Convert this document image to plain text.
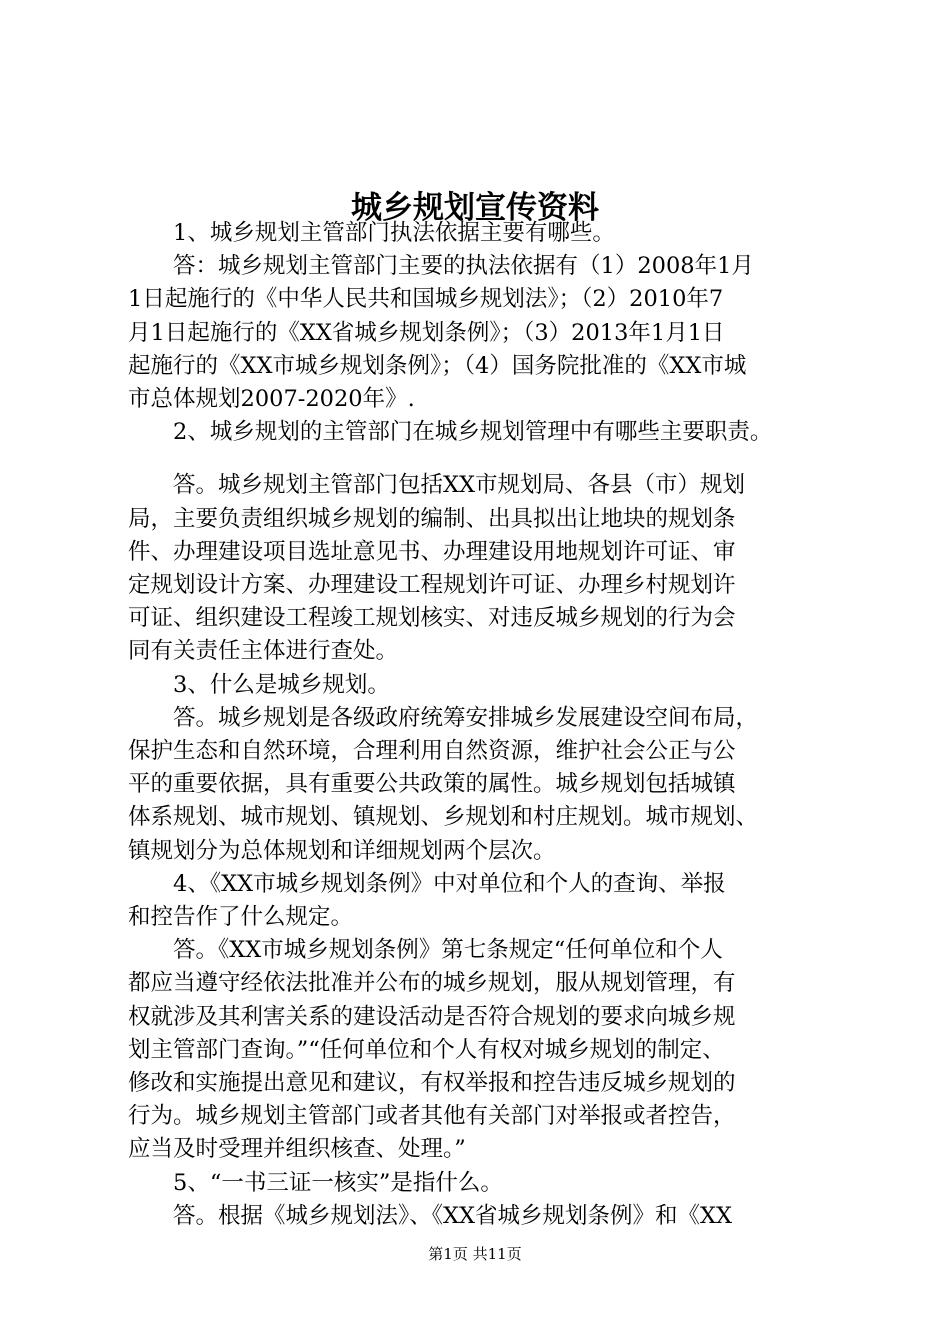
城乡规划宣传资料
　　1、城乡规划主管部门执法依据主要有哪些。
　　答：城乡规划主管部门主要的执法依据有（1）2008年1月
1日起施行的《中华人民共和国城乡规划法》；（2）2010年7
月1日起施行的《XX省城乡规划条例》；（3）2013年1月1日
起施行的《XX市城乡规划条例》；（4）国务院批准的《XX市城
市总体规划2007-2020年》.
　　2、城乡规划的主管部门在城乡规划管理中有哪些主要职责。
　　答。城乡规划主管部门包括XX市规划局、各县（市）规划
局，主要负责组织城乡规划的编制、出具拟出让地块的规划条
件、办理建设项目选址意见书、办理建设用地规划许可证、审
定规划设计方案、办理建设工程规划许可证、办理乡村规划许
可证、组织建设工程竣工规划核实、对违反城乡规划的行为会
同有关责任主体进行查处。
　　3、什么是城乡规划。
　　答。城乡规划是各级政府统筹安排城乡发展建设空间布局，
保护生态和自然环境，合理利用自然资源，维护社会公正与公
平的重要依据，具有重要公共政策的属性。城乡规划包括城镇
体系规划、城市规划、镇规划、乡规划和村庄规划。城市规划、
镇规划分为总体规划和详细规划两个层次。
　　4、《XX市城乡规划条例》中对单位和个人的查询、举报
和控告作了什么规定。
　　答。《XX市城乡规划条例》第七条规定“任何单位和个人
都应当遵守经依法批准并公布的城乡规划，服从规划管理，有
权就涉及其利害关系的建设活动是否符合规划的要求向城乡规
划主管部门查询。”“任何单位和个人有权对城乡规划的制定、
修改和实施提出意见和建议，有权举报和控告违反城乡规划的
行为。城乡规划主管部门或者其他有关部门对举报或者控告，
应当及时受理并组织核查、处理。”
　　5、“一书三证一核实”是指什么。
　　答。根据《城乡规划法》、《XX省城乡规划条例》和《XX
第1页 共11页
